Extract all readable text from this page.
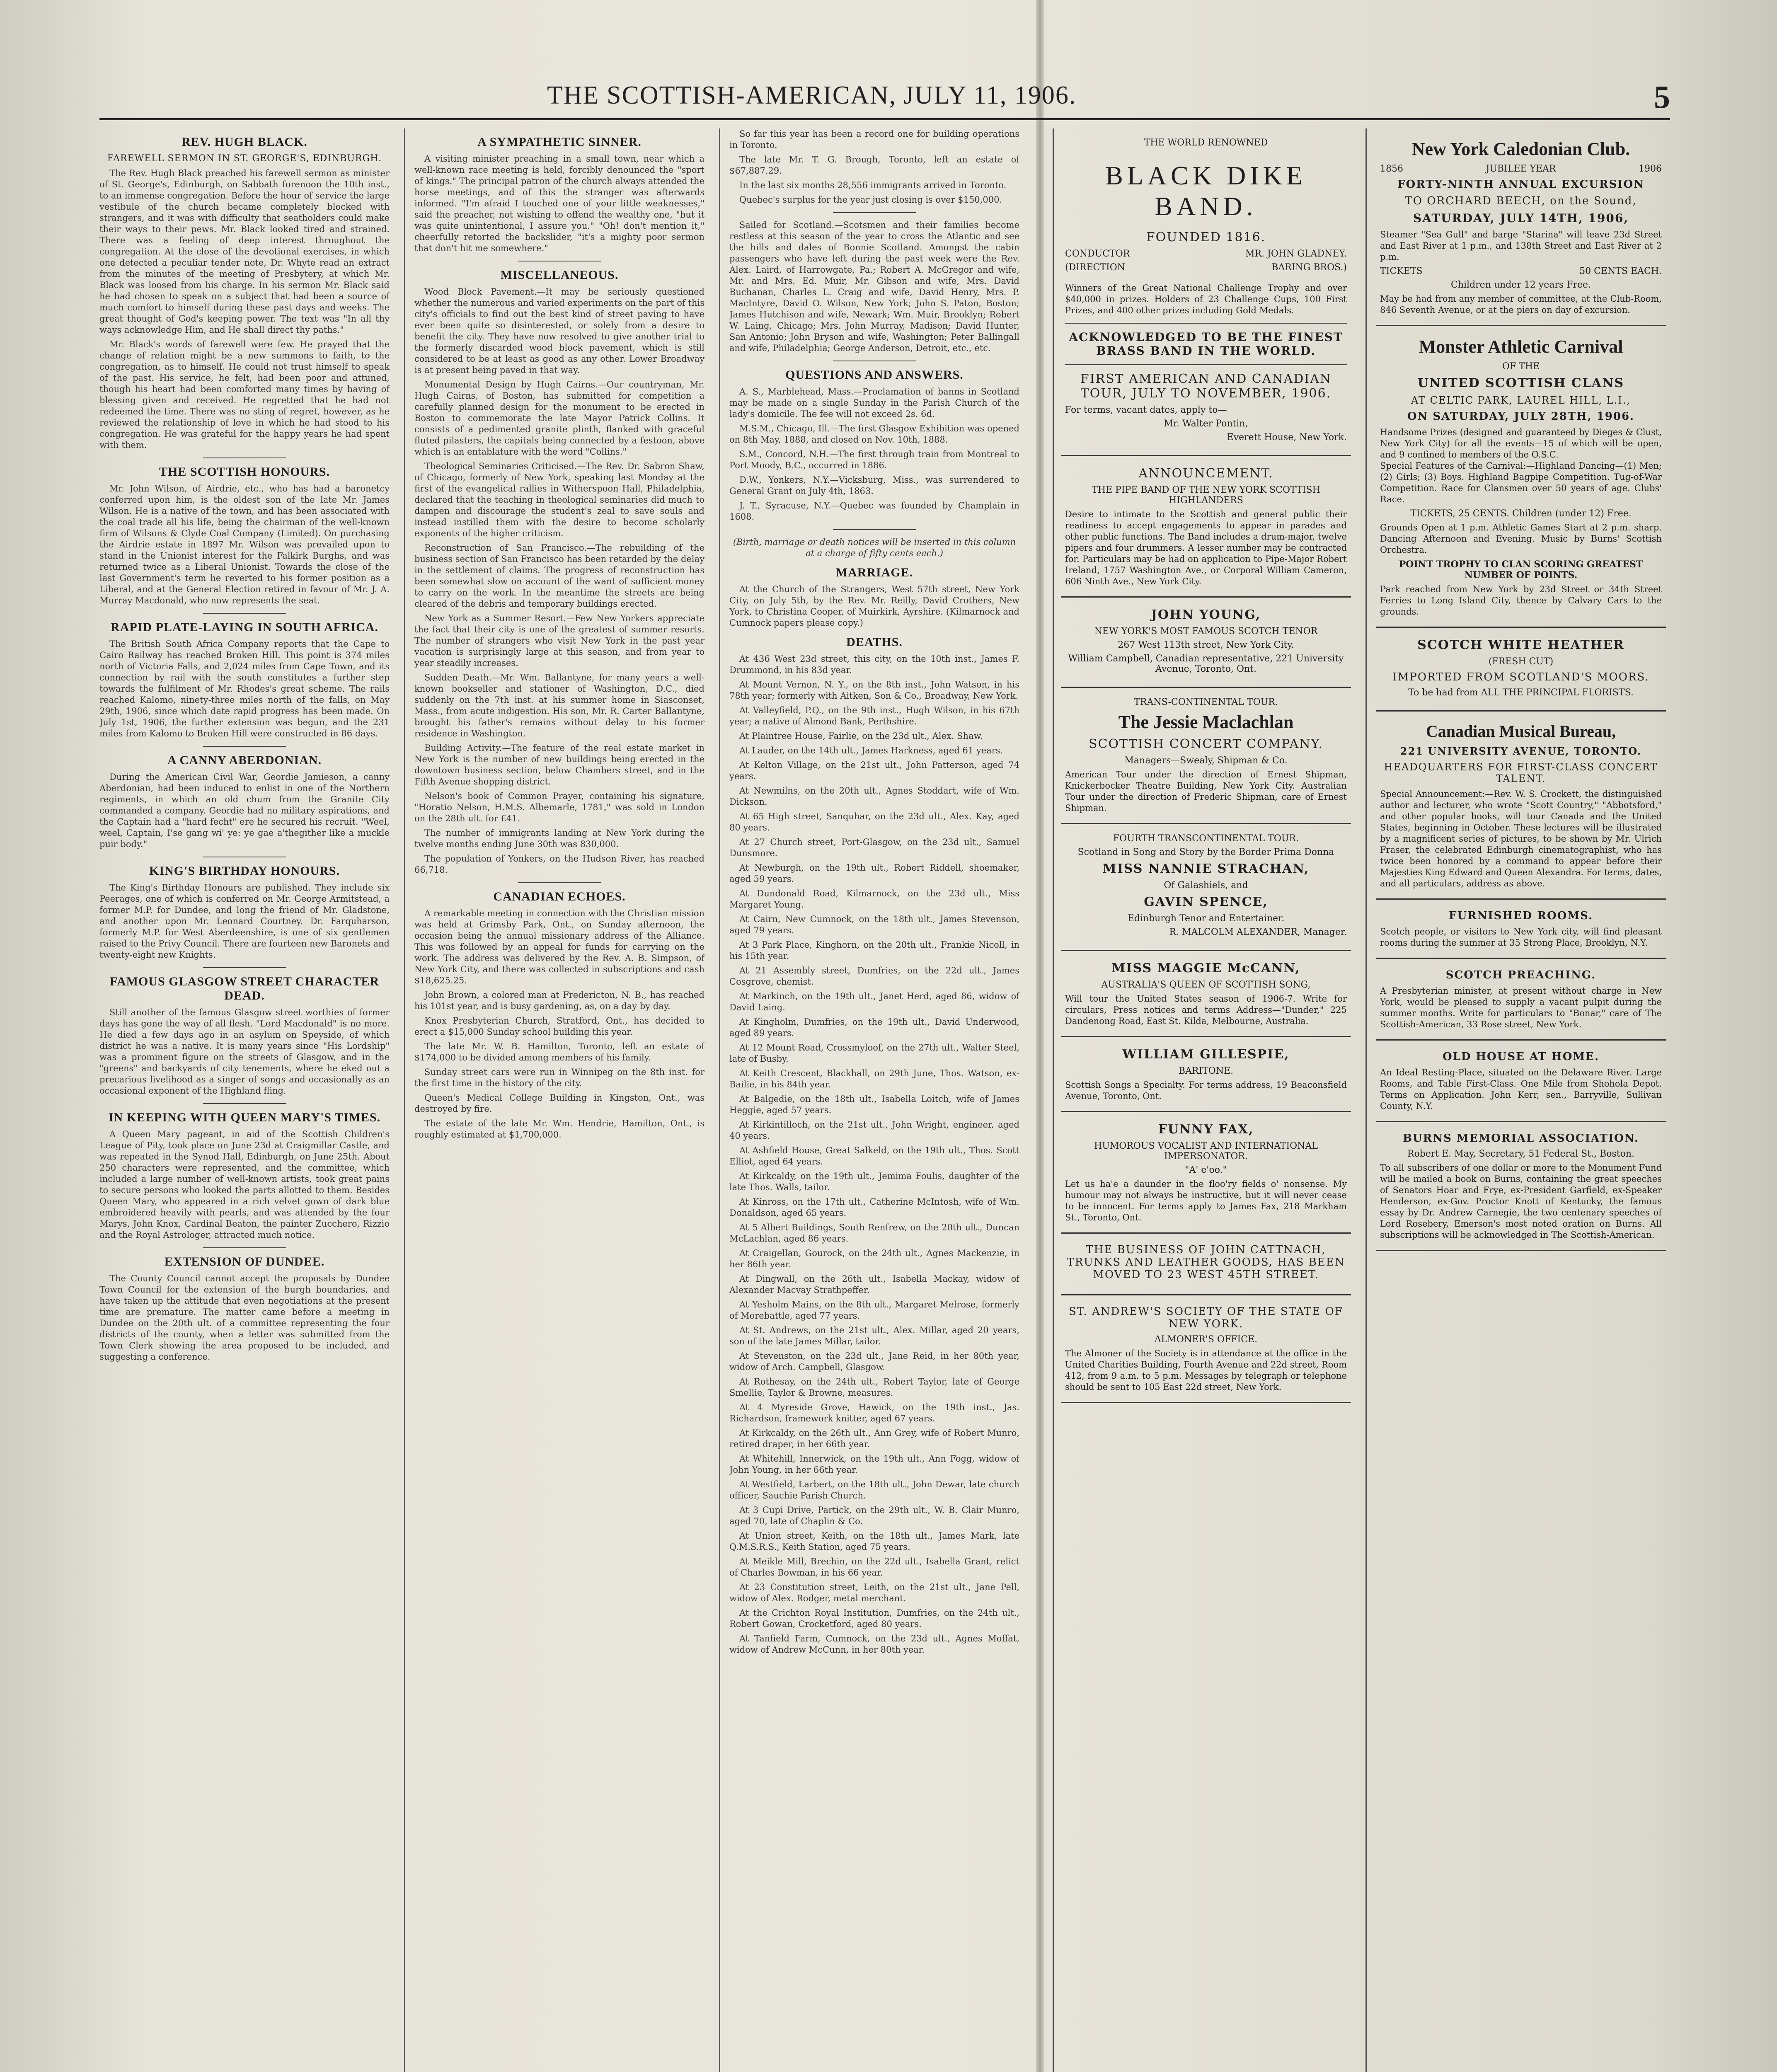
THE SCOTTISH-AMERICAN, JULY 11, 1906.	5
REV. HUGH BLACK.
FAREWELL SERMON IN ST. GEORGE'S, EDINBURGH.

The Rev. Hugh Black preached his farewell sermon as minister of St. George's, Edinburgh, on Sabbath forenoon the 10th inst., to an immense congregation. Before the hour of service the large vestibule of the church became completely blocked with strangers, and it was with difficulty that seatholders could make their ways to their pews. Mr. Black looked tired and strained. There was a feeling of deep interest throughout the congregation. At the close of the devotional exercises, in which one detected a peculiar tender note, Dr. Whyte read an extract from the minutes of the meeting of Presbytery, at which Mr. Black was loosed from his charge. In his sermon Mr. Black said he had chosen to speak on a subject that had been a source of much comfort to himself during these past days and weeks. The great thought of God's keeping power. The text was "In all thy ways acknowledge Him, and He shall direct thy paths."

Mr. Black's words of farewell were few. He prayed that the change of relation might be a new summons to faith, to the congregation, as to himself. He could not trust himself to speak of the past. His service, he felt, had been poor and attuned, though his heart had been comforted many times by having of blessing given and received. He regretted that he had not redeemed the time. There was no sting of regret, however, as he reviewed the relationship of love in which he had stood to his congregation. He was grateful for the happy years he had spent with them.

THE SCOTTISH HONOURS.

Mr. John Wilson, of Airdrie, etc., who has had a baronetcy conferred upon him, is the oldest son of the late Mr. James Wilson. He is a native of the town, and has been associated with the coal trade all his life, being the chairman of the well-known firm of Wilsons & Clyde Coal Company (Limited). On purchasing the Airdrie estate in 1897 Mr. Wilson was prevailed upon to stand in the Unionist interest for the Falkirk Burghs, and was returned twice as a Liberal Unionist. Towards the close of the last Government's term he reverted to his former position as a Liberal, and at the General Election retired in favour of Mr. J. A. Murray Macdonald, who now represents the seat.

RAPID PLATE-LAYING IN SOUTH AFRICA.

The British South Africa Company reports that the Cape to Cairo Railway has reached Broken Hill. This point is 374 miles north of Victoria Falls, and 2,024 miles from Cape Town, and its connection by rail with the south constitutes a further step towards the fulfilment of Mr. Rhodes's great scheme. The rails reached Kalomo, ninety-three miles north of the falls, on May 29th, 1906, since which date rapid progress has been made. On July 1st, 1906, the further extension was begun, and the 231 miles from Kalomo to Broken Hill were constructed in 86 days.

A CANNY ABERDONIAN.

During the American Civil War, Geordie Jamieson, a canny Aberdonian, had been induced to enlist in one of the Northern regiments, in which an old chum from the Granite City commanded a company. Geordie had no military aspirations, and the Captain had a "hard fecht" ere he secured his recruit. "Weel, weel, Captain, I'se gang wi' ye: ye gae a'thegither like a muckle puir body."

KING'S BIRTHDAY HONOURS.

The King's Birthday Honours are published. They include six Peerages, one of which is conferred on Mr. George Armitstead, a former M.P. for Dundee, and long the friend of Mr. Gladstone, and another upon Mr. Leonard Courtney. Dr. Farquharson, formerly M.P. for West Aberdeenshire, is one of six gentlemen raised to the Privy Council. There are fourteen new Baronets and twenty-eight new Knights.

FAMOUS GLASGOW STREET CHARACTER DEAD.

Still another of the famous Glasgow street worthies of former days has gone the way of all flesh. "Lord Macdonald" is no more. He died a few days ago in an asylum on Speyside, of which district he was a native. It is many years since "His Lordship" was a prominent figure on the streets of Glasgow, and in the "greens" and backyards of city tenements, where he eked out a precarious livelihood as a singer of songs and occasionally as an occasional exponent of the Highland fling.

IN KEEPING WITH QUEEN MARY'S TIMES.

A Queen Mary pageant, in aid of the Scottish Children's League of Pity, took place on June 23d at Craigmillar Castle, and was repeated in the Synod Hall, Edinburgh, on June 25th. About 250 characters were represented, and the committee, which included a large number of well-known artists, took great pains to secure persons who looked the parts allotted to them. Besides Queen Mary, who appeared in a rich velvet gown of dark blue embroidered heavily with pearls, and was attended by the four Marys, John Knox, Cardinal Beaton, the painter Zucchero, Rizzio and the Royal Astrologer, attracted much notice.

EXTENSION OF DUNDEE.

The County Council cannot accept the proposals by Dundee Town Council for the extension of the burgh boundaries, and have taken up the attitude that even negotiations at the present time are premature. The matter came before a meeting in Dundee on the 20th ult. of a committee representing the four districts of the county, when a letter was submitted from the Town Clerk showing the area proposed to be included, and suggesting a conference.

A SYMPATHETIC SINNER.

A visiting minister preaching in a small town, near which a well-known race meeting is held, forcibly denounced the "sport of kings." The principal patron of the church always attended the horse meetings, and of this the stranger was afterwards informed. "I'm afraid I touched one of your little weaknesses," said the preacher, not wishing to offend the wealthy one, "but it was quite unintentional, I assure you." "Oh! don't mention it," cheerfully retorted the backslider, "it's a mighty poor sermon that don't hit me somewhere."

MISCELLANEOUS.

Wood Block Pavement.—It may be seriously questioned whether the numerous and varied experiments on the part of this city's officials to find out the best kind of street paving to have ever been quite so disinterested, or solely from a desire to benefit the city. They have now resolved to give another trial to the formerly discarded wood block pavement, which is still considered to be at least as good as any other. Lower Broadway is at present being paved in that way.

Monumental Design by Hugh Cairns.—Our countryman, Mr. Hugh Cairns, of Boston, has submitted for competition a carefully planned design for the monument to be erected in Boston to commemorate the late Mayor Patrick Collins. It consists of a pedimented granite plinth, flanked with graceful fluted pilasters, the capitals being connected by a festoon, above which is an entablature with the word "Collins."

Theological Seminaries Criticised.—The Rev. Dr. Sabron Shaw, of Chicago, formerly of New York, speaking last Monday at the first of the evangelical rallies in Witherspoon Hall, Philadelphia, declared that the teaching in theological seminaries did much to dampen and discourage the student's zeal to save souls and instead instilled them with the desire to become scholarly exponents of the higher criticism.

Reconstruction of San Francisco.—The rebuilding of the business section of San Francisco has been retarded by the delay in the settlement of claims. The progress of reconstruction has been somewhat slow on account of the want of sufficient money to carry on the work. In the meantime the streets are being cleared of the debris and temporary buildings erected.

New York as a Summer Resort.—Few New Yorkers appreciate the fact that their city is one of the greatest of summer resorts. The number of strangers who visit New York in the past year vacation is surprisingly large at this season, and from year to year steadily increases.

Sudden Death.—Mr. Wm. Ballantyne, for many years a well-known bookseller and stationer of Washington, D.C., died suddenly on the 7th inst. at his summer home in Siasconset, Mass., from acute indigestion. His son, Mr. R. Carter Ballantyne, brought his father's remains without delay to his former residence in Washington.

Building Activity.—The feature of the real estate market in New York is the number of new buildings being erected in the downtown business section, below Chambers street, and in the Fifth Avenue shopping district.

Nelson's book of Common Prayer, containing his signature, "Horatio Nelson, H.M.S. Albemarle, 1781," was sold in London on the 28th ult. for £41.

The number of immigrants landing at New York during the twelve months ending June 30th was 830,000.

The population of Yonkers, on the Hudson River, has reached 66,718.

CANADIAN ECHOES.

A remarkable meeting in connection with the Christian mission was held at Grimsby Park, Ont., on Sunday afternoon, the occasion being the annual missionary address of the Alliance. This was followed by an appeal for funds for carrying on the work. The address was delivered by the Rev. A. B. Simpson, of New York City, and there was collected in subscriptions and cash $18,625.25.

John Brown, a colored man at Fredericton, N. B., has reached his 101st year, and is busy gardening, as, on a day by day.

Knox Presbyterian Church, Stratford, Ont., has decided to erect a $15,000 Sunday school building this year.

The late Mr. W. B. Hamilton, Toronto, left an estate of $174,000 to be divided among members of his family.

Sunday street cars were run in Winnipeg on the 8th inst. for the first time in the history of the city.

Queen's Medical College Building in Kingston, Ont., was destroyed by fire.

The estate of the late Mr. Wm. Hendrie, Hamilton, Ont., is roughly estimated at $1,700,000.

So far this year has been a record one for building operations in Toronto.

The late Mr. T. G. Brough, Toronto, left an estate of $67,887.29.

In the last six months 28,556 immigrants arrived in Toronto.

Quebec's surplus for the year just closing is over $150,000.

Sailed for Scotland.—Scotsmen and their families become restless at this season of the year to cross the Atlantic and see the hills and dales of Bonnie Scotland. Amongst the cabin passengers who have left during the past week were the Rev. Alex. Laird, of Harrowgate, Pa.; Robert A. McGregor and wife, Mr. and Mrs. Ed. Muir, Mr. Gibson and wife, Mrs. David Buchanan, Charles L. Craig and wife, David Henry, Mrs. P. MacIntyre, David O. Wilson, New York; John S. Paton, Boston; James Hutchison and wife, Newark; Wm. Muir, Brooklyn; Robert W. Laing, Chicago; Mrs. John Murray, Madison; David Hunter, San Antonio; John Bryson and wife, Washington; Peter Ballingall and wife, Philadelphia; George Anderson, Detroit, etc., etc.

QUESTIONS AND ANSWERS.

A. S., Marblehead, Mass.—Proclamation of banns in Scotland may be made on a single Sunday in the Parish Church of the lady's domicile. The fee will not exceed 2s. 6d.

M.S.M., Chicago, Ill.—The first Glasgow Exhibition was opened on 8th May, 1888, and closed on Nov. 10th, 1888.

S.M., Concord, N.H.—The first through train from Montreal to Port Moody, B.C., occurred in 1886.

D.W., Yonkers, N.Y.—Vicksburg, Miss., was surrendered to General Grant on July 4th, 1863.

J. T., Syracuse, N.Y.—Quebec was founded by Champlain in 1608.

(Birth, marriage or death notices will be inserted in this column at a charge of fifty cents each.)
MARRIAGE.

At the Church of the Strangers, West 57th street, New York City, on July 5th, by the Rev. Mr. Reilly, David Crothers, New York, to Christina Cooper, of Muirkirk, Ayrshire. (Kilmarnock and Cumnock papers please copy.)

DEATHS.

At 436 West 23d street, this city, on the 10th inst., James F. Drummond, in his 83d year.

At Mount Vernon, N. Y., on the 8th inst., John Watson, in his 78th year; formerly with Aitken, Son & Co., Broadway, New York.

At Valleyfield, P.Q., on the 9th inst., Hugh Wilson, in his 67th year; a native of Almond Bank, Perthshire.

At Plaintree House, Fairlie, on the 23d ult., Alex. Shaw.

At Lauder, on the 14th ult., James Harkness, aged 61 years.

At Kelton Village, on the 21st ult., John Patterson, aged 74 years.

At Newmilns, on the 20th ult., Agnes Stoddart, wife of Wm. Dickson.

At 65 High street, Sanquhar, on the 23d ult., Alex. Kay, aged 80 years.

At 27 Church street, Port-Glasgow, on the 23d ult., Samuel Dunsmore.

At Newburgh, on the 19th ult., Robert Riddell, shoemaker, aged 59 years.

At Dundonald Road, Kilmarnock, on the 23d ult., Miss Margaret Young.

At Cairn, New Cumnock, on the 18th ult., James Stevenson, aged 79 years.

At 3 Park Place, Kinghorn, on the 20th ult., Frankie Nicoll, in his 15th year.

At 21 Assembly street, Dumfries, on the 22d ult., James Cosgrove, chemist.

At Markinch, on the 19th ult., Janet Herd, aged 86, widow of David Laing.

At Kingholm, Dumfries, on the 19th ult., David Underwood, aged 89 years.

At 12 Mount Road, Crossmyloof, on the 27th ult., Walter Steel, late of Busby.

At Keith Crescent, Blackhall, on 29th June, Thos. Watson, ex-Bailie, in his 84th year.

At Balgedie, on the 18th ult., Isabella Loitch, wife of James Heggie, aged 57 years.

At Kirkintilloch, on the 21st ult., John Wright, engineer, aged 40 years.

At Ashfield House, Great Salkeld, on the 19th ult., Thos. Scott Elliot, aged 64 years.

At Kirkcaldy, on the 19th ult., Jemima Foulis, daughter of the late Thos. Walls, tailor.

At Kinross, on the 17th ult., Catherine McIntosh, wife of Wm. Donaldson, aged 65 years.

At 5 Albert Buildings, South Renfrew, on the 20th ult., Duncan McLachlan, aged 86 years.

At Craigellan, Gourock, on the 24th ult., Agnes Mackenzie, in her 86th year.

At Dingwall, on the 26th ult., Isabella Mackay, widow of Alexander Macvay Strathpeffer.

At Yesholm Mains, on the 8th ult., Margaret Melrose, formerly of Morebattle, aged 77 years.

At St. Andrews, on the 21st ult., Alex. Millar, aged 20 years, son of the late James Millar, tailor.

At Stevenston, on the 23d ult., Jane Reid, in her 80th year, widow of Arch. Campbell, Glasgow.

At Rothesay, on the 24th ult., Robert Taylor, late of George Smellie, Taylor & Browne, measures.

At 4 Myreside Grove, Hawick, on the 19th inst., Jas. Richardson, framework knitter, aged 67 years.

At Kirkcaldy, on the 26th ult., Ann Grey, wife of Robert Munro, retired draper, in her 66th year.

At Whitehill, Innerwick, on the 19th ult., Ann Fogg, widow of John Young, in her 66th year.

At Westfield, Larbert, on the 18th ult., John Dewar, late church officer, Sauchie Parish Church.

At 3 Cupi Drive, Partick, on the 29th ult., W. B. Clair Munro, aged 70, late of Chaplin & Co.

At Union street, Keith, on the 18th ult., James Mark, late Q.M.S.R.S., Keith Station, aged 75 years.

At Meikle Mill, Brechin, on the 22d ult., Isabella Grant, relict of Charles Bowman, in his 66 year.

At 23 Constitution street, Leith, on the 21st ult., Jane Pell, widow of Alex. Rodger, metal merchant.

At the Crichton Royal Institution, Dumfries, on the 24th ult., Robert Gowan, Crocketford, aged 80 years.

At Tanfield Farm, Cumnock, on the 23d ult., Agnes Moffat, widow of Andrew McCunn, in her 80th year.

THE WORLD RENOWNED
BLACK DIKE BAND.
FOUNDED 1816.
CONDUCTOR	MR. JOHN GLADNEY.
(DIRECTION	BARING BROS.)
Winners of the Great National Challenge Trophy and over $40,000 in prizes. Holders of 23 Challenge Cups, 100 First Prizes, and 400 other prizes including Gold Medals.
ACKNOWLEDGED TO BE THE FINEST BRASS BAND IN THE WORLD.
FIRST AMERICAN AND CANADIAN TOUR, JULY TO NOVEMBER, 1906.
For terms, vacant dates, apply to—
Mr. Walter Pontin,
Everett House, New York.
ANNOUNCEMENT.
THE PIPE BAND OF THE NEW YORK SCOTTISH HIGHLANDERS
Desire to intimate to the Scottish and general public their readiness to accept engagements to appear in parades and other public functions. The Band includes a drum-major, twelve pipers and four drummers. A lesser number may be contracted for. Particulars may be had on application to Pipe-Major Robert Ireland, 1757 Washington Ave., or Corporal William Cameron, 606 Ninth Ave., New York City.
JOHN YOUNG,
NEW YORK'S MOST FAMOUS SCOTCH TENOR
267 West 113th street, New York City.
William Campbell, Canadian representative, 221 University Avenue, Toronto, Ont.
TRANS-CONTINENTAL TOUR.
The Jessie Maclachlan
SCOTTISH CONCERT COMPANY.
Managers—Swealy, Shipman & Co.
American Tour under the direction of Ernest Shipman, Knickerbocker Theatre Building, New York City. Australian Tour under the direction of Frederic Shipman, care of Ernest Shipman.
FOURTH TRANSCONTINENTAL TOUR.
Scotland in Song and Story by the Border Prima Donna
MISS NANNIE STRACHAN,
Of Galashiels, and
GAVIN SPENCE,
Edinburgh Tenor and Entertainer.
R. MALCOLM ALEXANDER, Manager.
MISS MAGGIE McCANN,
AUSTRALIA'S QUEEN OF SCOTTISH SONG,
Will tour the United States season of 1906-7. Write for circulars, Press notices and terms Address—"Dunder," 225 Dandenong Road, East St. Kilda, Melbourne, Australia.
WILLIAM GILLESPIE,
BARITONE.
Scottish Songs a Specialty. For terms address, 19 Beaconsfield Avenue, Toronto, Ont.
FUNNY FAX,
HUMOROUS VOCALIST AND INTERNATIONAL IMPERSONATOR.
"A' e'oo."
Let us ha'e a daunder in the floo'ry fields o' nonsense. My humour may not always be instructive, but it will never cease to be innocent. For terms apply to James Fax, 218 Markham St., Toronto, Ont.
THE BUSINESS OF JOHN CATTNACH, TRUNKS AND LEATHER GOODS, HAS BEEN MOVED TO 23 WEST 45TH STREET.
ST. ANDREW'S SOCIETY OF THE STATE OF NEW YORK.
ALMONER'S OFFICE.
The Almoner of the Society is in attendance at the office in the United Charities Building, Fourth Avenue and 22d street, Room 412, from 9 a.m. to 5 p.m. Messages by telegraph or telephone should be sent to 105 East 22d street, New York.
New York Caledonian Club.
1856	JUBILEE YEAR	1906
FORTY-NINTH ANNUAL EXCURSION
TO ORCHARD BEECH, on the Sound,
SATURDAY, JULY 14TH, 1906,
Steamer "Sea Gull" and barge "Starina" will leave 23d Street and East River at 1 p.m., and 138th Street and East River at 2 p.m.
TICKETS	50 CENTS EACH.
Children under 12 years Free.
May be had from any member of committee, at the Club-Room, 846 Seventh Avenue, or at the piers on day of excursion.
Monster Athletic Carnival
OF THE
UNITED SCOTTISH CLANS
AT CELTIC PARK, LAUREL HILL, L.I.,
ON SATURDAY, JULY 28TH, 1906.
Handsome Prizes (designed and guaranteed by Dieges & Clust, New York City) for all the events—15 of which will be open, and 9 confined to members of the O.S.C.
Special Features of the Carnival:—Highland Dancing—(1) Men; (2) Girls; (3) Boys. Highland Bagpipe Competition. Tug-of-War Competition. Race for Clansmen over 50 years of age. Clubs' Race.
TICKETS, 25 CENTS. Children (under 12) Free.
Grounds Open at 1 p.m. Athletic Games Start at 2 p.m. sharp. Dancing Afternoon and Evening. Music by Burns' Scottish Orchestra.
POINT TROPHY TO CLAN SCORING GREATEST NUMBER OF POINTS.
Park reached from New York by 23d Street or 34th Street Ferries to Long Island City, thence by Calvary Cars to the grounds.
SCOTCH WHITE HEATHER
(FRESH CUT)
IMPORTED FROM SCOTLAND'S MOORS.
To be had from ALL THE PRINCIPAL FLORISTS.
Canadian Musical Bureau,
221 UNIVERSITY AVENUE, TORONTO.
HEADQUARTERS FOR FIRST-CLASS CONCERT TALENT.
Special Announcement:—Rev. W. S. Crockett, the distinguished author and lecturer, who wrote "Scott Country," "Abbotsford," and other popular books, will tour Canada and the United States, beginning in October. These lectures will be illustrated by a magnificent series of pictures, to be shown by Mr. Ulrich Fraser, the celebrated Edinburgh cinematographist, who has twice been honored by a command to appear before their Majesties King Edward and Queen Alexandra. For terms, dates, and all particulars, address as above.
FURNISHED ROOMS.
Scotch people, or visitors to New York city, will find pleasant rooms during the summer at 35 Strong Place, Brooklyn, N.Y.
SCOTCH PREACHING.
A Presbyterian minister, at present without charge in New York, would be pleased to supply a vacant pulpit during the summer months. Write for particulars to "Bonar," care of The Scottish-American, 33 Rose street, New York.
OLD HOUSE AT HOME.
An Ideal Resting-Place, situated on the Delaware River. Large Rooms, and Table First-Class. One Mile from Shohola Depot. Terms on Application. John Kerr, sen., Barryville, Sullivan County, N.Y.
BURNS MEMORIAL ASSOCIATION.
Robert E. May, Secretary, 51 Federal St., Boston.
To all subscribers of one dollar or more to the Monument Fund will be mailed a book on Burns, containing the great speeches of Senators Hoar and Frye, ex-President Garfield, ex-Speaker Henderson, ex-Gov. Proctor Knott of Kentucky, the famous essay by Dr. Andrew Carnegie, the two centenary speeches of Lord Rosebery, Emerson's most noted oration on Burns. All subscriptions will be acknowledged in The Scottish-American.
